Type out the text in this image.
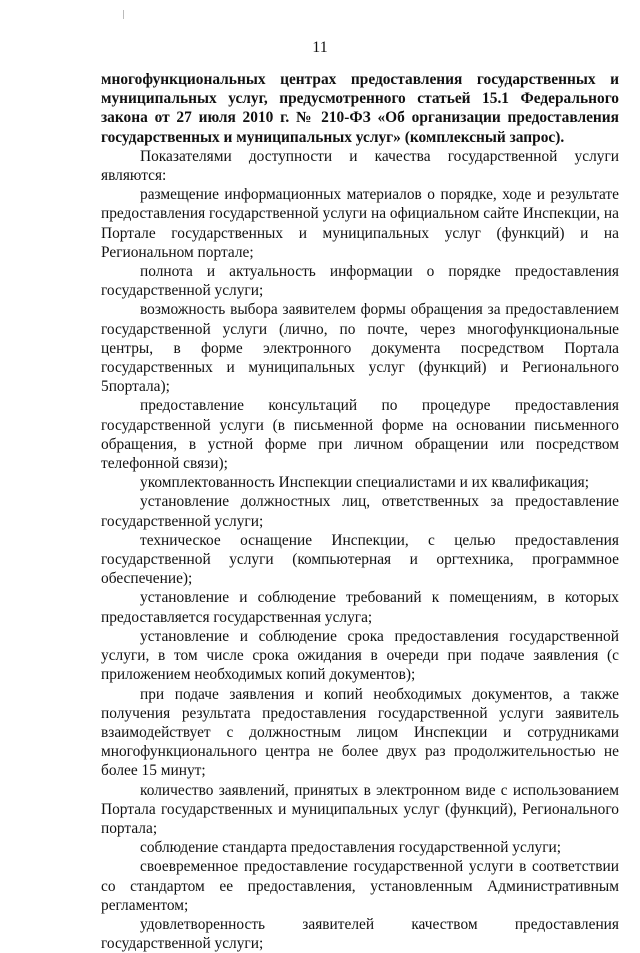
11

многофункциональных центрах предоставления государственных и муниципальных услуг, предусмотренного статьей 15.1 Федерального закона от 27 июля 2010 г. № 210-ФЗ «Об организации предоставления государственных и муниципальных услуг» (комплексный запрос).

Показателями доступности и качества государственной услуги являются:

размещение информационных материалов о порядке, ходе и результате предоставления государственной услуги на официальном сайте Инспекции, на Портале государственных и муниципальных услуг (функций) и на Региональном портале;

полнота и актуальность информации о порядке предоставления государственной услуги;

возможность выбора заявителем формы обращения за предоставлением государственной услуги (лично, по почте, через многофункциональные центры, в форме электронного документа посредством Портала государственных и муниципальных услуг (функций) и Регионального 5портала);

предоставление консультаций по процедуре предоставления государственной услуги (в письменной форме на основании письменного обращения, в устной форме при личном обращении или посредством телефонной связи);

укомплектованность Инспекции специалистами и их квалификация;

установление должностных лиц, ответственных за предоставление государственной услуги;

техническое оснащение Инспекции, с целью предоставления государственной услуги (компьютерная и оргтехника, программное обеспечение);

установление и соблюдение требований к помещениям, в которых предоставляется государственная услуга;

установление и соблюдение срока предоставления государственной услуги, в том числе срока ожидания в очереди при подаче заявления (с приложением необходимых копий документов);

при подаче заявления и копий необходимых документов, а также получения результата предоставления государственной услуги заявитель взаимодействует с должностным лицом Инспекции и сотрудниками многофункционального центра не более двух раз продолжительностью не более 15 минут;

количество заявлений, принятых в электронном виде с использованием Портала государственных и муниципальных услуг (функций), Регионального портала;

соблюдение стандарта предоставления государственной услуги;

своевременное предоставление государственной услуги в соответствии со стандартом ее предоставления, установленным Административным регламентом;

удовлетворенность заявителей качеством предоставления государственной услуги;
